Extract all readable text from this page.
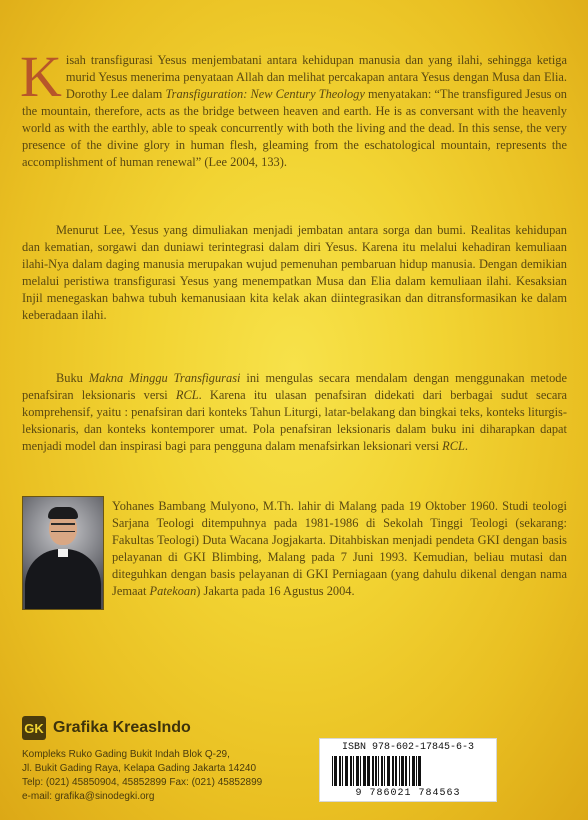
Kisah transfigurasi Yesus menjembatani antara kehidupan manusia dan yang ilahi, sehingga ketiga murid Yesus menerima penyataan Allah dan melihat percakapan antara Yesus dengan Musa dan Elia. Dorothy Lee dalam Transfiguration: New Century Theology menyatakan: “The transfigured Jesus on the mountain, therefore, acts as the bridge between heaven and earth. He is as conversant with the heavenly world as with the earthly, able to speak concurrently with both the living and the dead. In this sense, the very presence of the divine glory in human flesh, gleaming from the eschatological mountain, represents the accomplishment of human renewal” (Lee 2004, 133).
Menurut Lee, Yesus yang dimuliakan menjadi jembatan antara sorga dan bumi. Realitas kehidupan dan kematian, sorgawi dan duniawi terintegrasi dalam diri Yesus. Karena itu melalui kehadiran kemuliaan ilahi-Nya dalam daging manusia merupakan wujud pemenuhan pembaruan hidup manusia. Dengan demikian melalui peristiwa transfigurasi Yesus yang menempatkan Musa dan Elia dalam kemuliaan ilahi. Kesaksian Injil menegaskan bahwa tubuh kemanusiaan kita kelak akan diintegrasikan dan ditransformasikan ke dalam keberadaan ilahi.
Buku Makna Minggu Transfigurasi ini mengulas secara mendalam dengan menggunakan metode penafsiran leksionaris versi RCL. Karena itu ulasan penafsiran didekati dari berbagai sudut secara komprehensif, yaitu : penafsiran dari konteks Tahun Liturgi, latar-belakang dan bingkai teks, konteks liturgis-leksionaris, dan konteks kontemporer umat. Pola penafsiran leksionaris dalam buku ini diharapkan dapat menjadi model dan inspirasi bagi para pengguna dalam menafsirkan leksionari versi RCL.
Yohanes Bambang Mulyono, M.Th. lahir di Malang pada 19 Oktober 1960. Studi teologi Sarjana Teologi ditempuhnya pada 1981-1986 di Sekolah Tinggi Teologi (sekarang: Fakultas Teologi) Duta Wacana Jogjakarta. Ditahbiskan menjadi pendeta GKI dengan basis pelayanan di GKI Blimbing, Malang pada 7 Juni 1993. Kemudian, beliau mutasi dan diteguhkan dengan basis pelayanan di GKI Perniagaan (yang dahulu dikenal dengan nama Jemaat Patekoan) Jakarta pada 16 Agustus 2004.
GK Grafika KreasIndo
Kompleks Ruko Gading Bukit Indah Blok Q-29,
Jl. Bukit Gading Raya, Kelapa Gading Jakarta 14240
Telp: (021) 45850904, 45852899 Fax: (021) 45852899
e-mail: grafika@sinodegki.org
ISBN 978-602-17845-6-3
9 786021 784563
